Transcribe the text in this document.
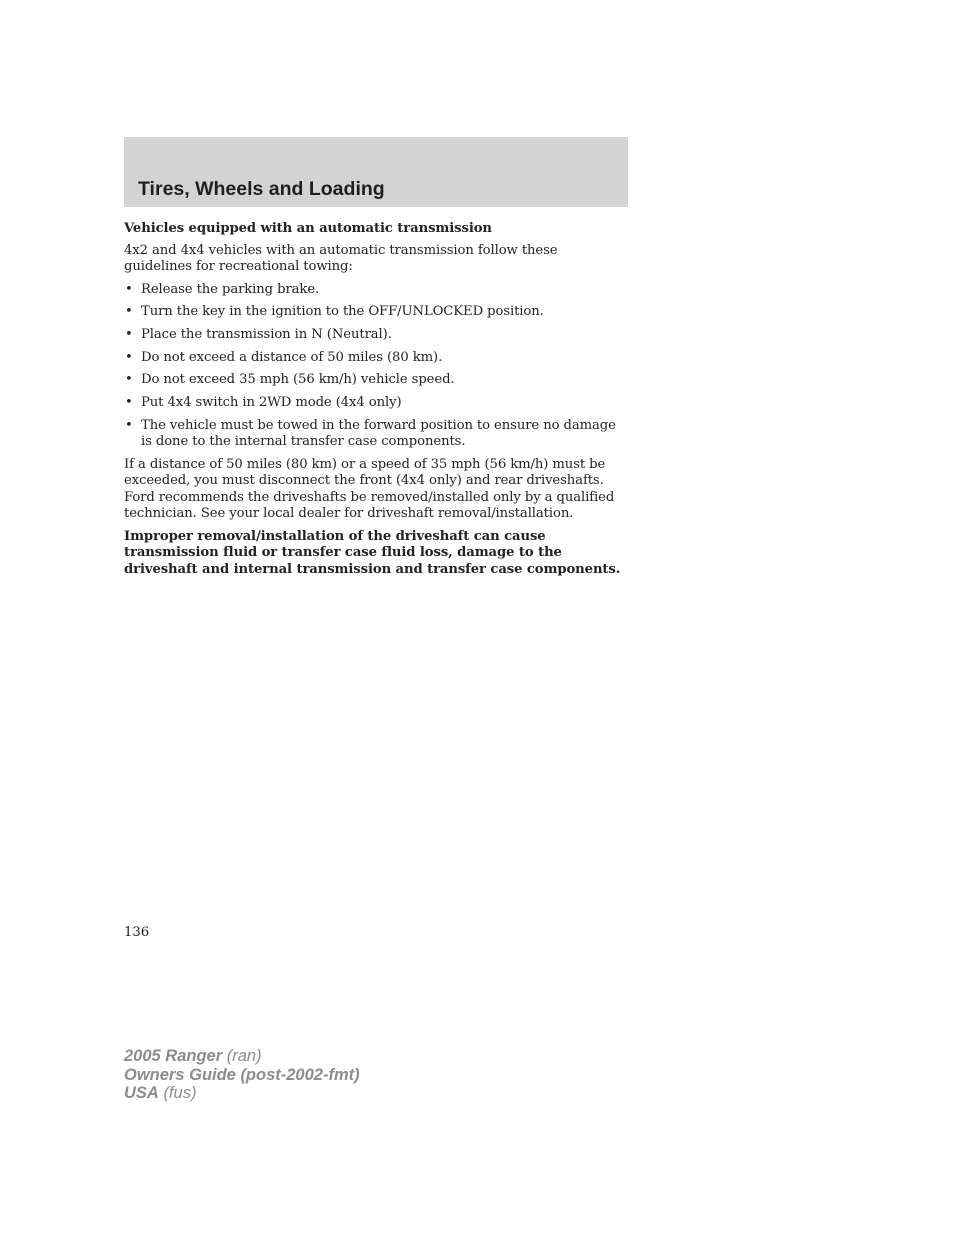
Tires, Wheels and Loading

Vehicles equipped with an automatic transmission

4x2 and 4x4 vehicles with an automatic transmission follow these guidelines for recreational towing:

• Release the parking brake.
• Turn the key in the ignition to the OFF/UNLOCKED position.
• Place the transmission in N (Neutral).
• Do not exceed a distance of 50 miles (80 km).
• Do not exceed 35 mph (56 km/h) vehicle speed.
• Put 4x4 switch in 2WD mode (4x4 only)
• The vehicle must be towed in the forward position to ensure no damage is done to the internal transfer case components.

If a distance of 50 miles (80 km) or a speed of 35 mph (56 km/h) must be exceeded, you must disconnect the front (4x4 only) and rear driveshafts. Ford recommends the driveshafts be removed/installed only by a qualified technician. See your local dealer for driveshaft removal/installation.

Improper removal/installation of the driveshaft can cause transmission fluid or transfer case fluid loss, damage to the driveshaft and internal transmission and transfer case components.

136

2005 Ranger (ran)
Owners Guide (post-2002-fmt)
USA (fus)
